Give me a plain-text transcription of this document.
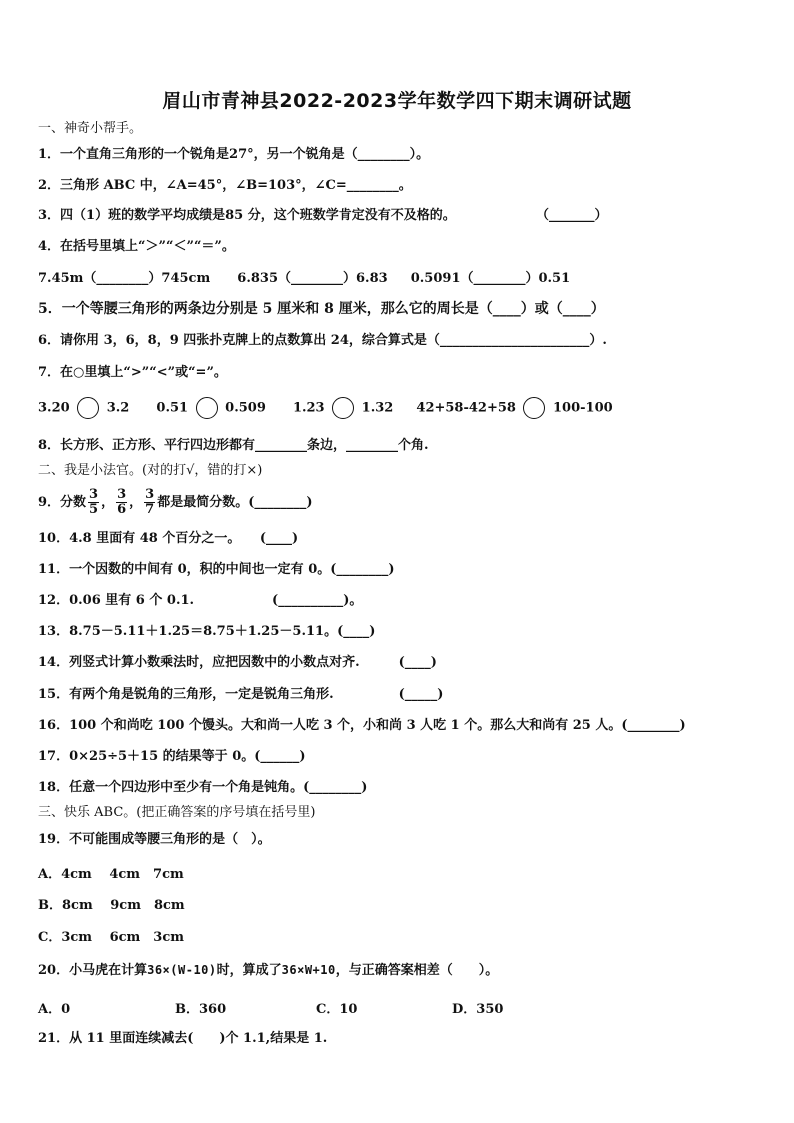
眉山市青神县2022-2023学年数学四下期末调研试题
一、神奇小帮手。
1．一个直角三角形的一个锐角是27°，另一个锐角是（________）。
2．三角形 ABC 中，∠A=45°，∠B=103°，∠C=________。
3．四（1）班的数学平均成绩是85 分，这个班数学肯定没有不及格的。	（_______）
4．在括号里填上“＞”“＜”“＝”。
7.45m（________）745cm 6.835（________）6.83 0.5091（________）0.51
5．一个等腰三角形的两条边分别是 5 厘米和 8 厘米，那么它的周长是（____）或（____）
6．请你用 3，6，8，9 四张扑克牌上的点数算出 24，综合算式是（_______________________）.
7．在○里填上“>”“<”或“=”。
3.20	3.2 0.51	0.509 1.23	1.32 42+58-42+58	100-100
8．长方形、正方形、平行四边形都有________条边，________个角.
二、我是小法官。(对的打√，错的打×)
9．分数 $\frac{3}{5}$ ， $\frac{3}{6}$ ， $\frac{3}{7}$ 都是最简分数。(________)
10．4.8 里面有 48 个百分之一。　　(____)
11．一个因数的中间有 0，积的中间也一定有 0。(________)
12．0.06 里有 6 个 0.1.　　　　　　(__________)。
13．8.75－5.11＋1.25＝8.75＋1.25－5.11。(____)
14．列竖式计算小数乘法时，应把因数中的小数点对齐.　　　(____)
15．有两个角是锐角的三角形，一定是锐角三角形.　　　　　(_____)
16．100 个和尚吃 100 个馒头。大和尚一人吃 3 个，小和尚 3 人吃 1 个。那么大和尚有 25 人。(________)
17．0×25÷5＋15 的结果等于 0。(______)
18．任意一个四边形中至少有一个角是钝角。(________)
三、快乐 ABC。(把正确答案的序号填在括号里)
19．不可能围成等腰三角形的是（　）。
A．4cm　 4cm　7cm
B．8cm　 9cm　8cm
C．3cm　 6cm　3cm
20．小马虎在计算36×(W-10)时，算成了36×W+10，与正确答案相差（　　）。
A．0	B．360	C．10	D．350
21．从 11 里面连续减去(　　)个 1.1,结果是 1.
